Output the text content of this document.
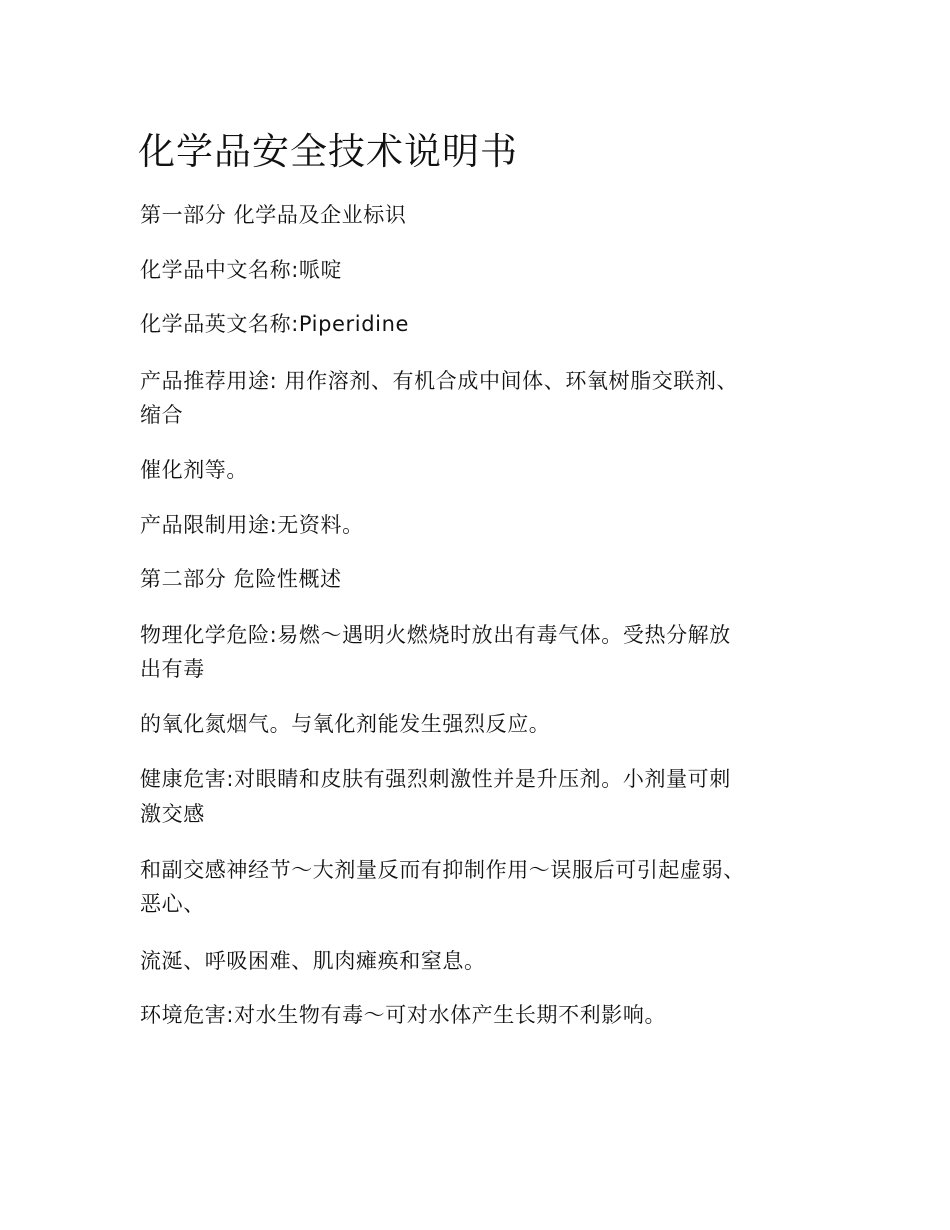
化学品安全技术说明书

第一部分 化学品及企业标识

化学品中文名称:哌啶

化学品英文名称:Piperidine

产品推荐用途: 用作溶剂、有机合成中间体、环氧树脂交联剂、

缩合

催化剂等。

产品限制用途:无资料。

第二部分 危险性概述

物理化学危险:易燃～遇明火燃烧时放出有毒气体。受热分解放

出有毒

的氧化氮烟气。与氧化剂能发生强烈反应。

健康危害:对眼睛和皮肤有强烈刺激性并是升压剂。小剂量可刺

激交感

和副交感神经节～大剂量反而有抑制作用～误服后可引起虚弱、

恶心、

流涎、呼吸困难、肌肉瘫痪和窒息。

环境危害:对水生物有毒～可对水体产生长期不利影响。
